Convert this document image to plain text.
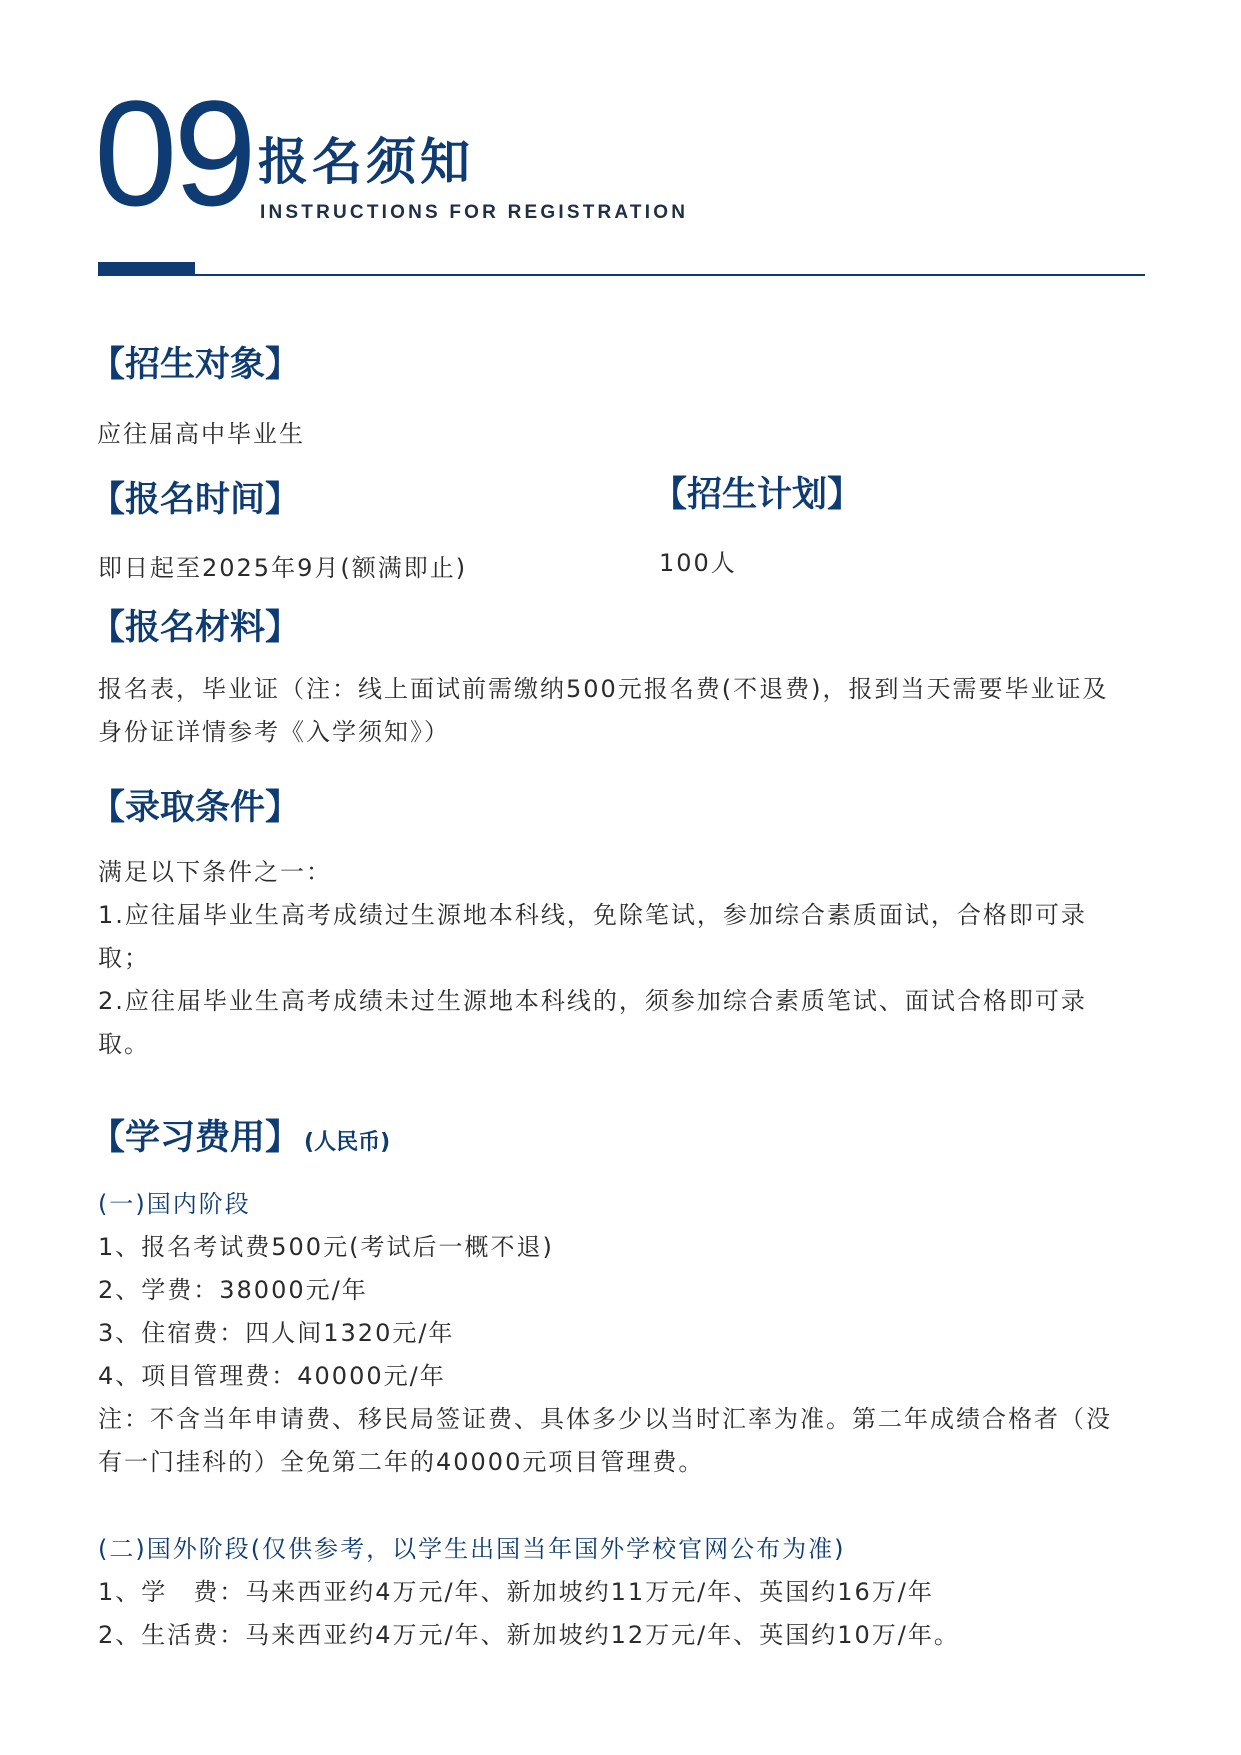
09 报名须知
INSTRUCTIONS FOR REGISTRATION
【招生对象】
应往届高中毕业生
【报名时间】
即日起至2025年9月(额满即止)
【招生计划】
100人
【报名材料】
报名表，毕业证（注：线上面试前需缴纳500元报名费(不退费)，报到当天需要毕业证及
身份证详情参考《入学须知》）
【录取条件】
满足以下条件之一：
1.应往届毕业生高考成绩过生源地本科线，免除笔试，参加综合素质面试，合格即可录
取；
2.应往届毕业生高考成绩未过生源地本科线的，须参加综合素质笔试、面试合格即可录
取。
【学习费用】 (人民币)
(一)国内阶段
1、报名考试费500元(考试后一概不退)
2、学费：38000元/年
3、住宿费：四人间1320元/年
4、项目管理费：40000元/年
注：不含当年申请费、移民局签证费、具体多少以当时汇率为准。第二年成绩合格者（没
有一门挂科的）全免第二年的40000元项目管理费。
(二)国外阶段(仅供参考，以学生出国当年国外学校官网公布为准)
1、学　费：马来西亚约4万元/年、新加坡约11万元/年、英国约16万/年
2、生活费：马来西亚约4万元/年、新加坡约12万元/年、英国约10万/年。
